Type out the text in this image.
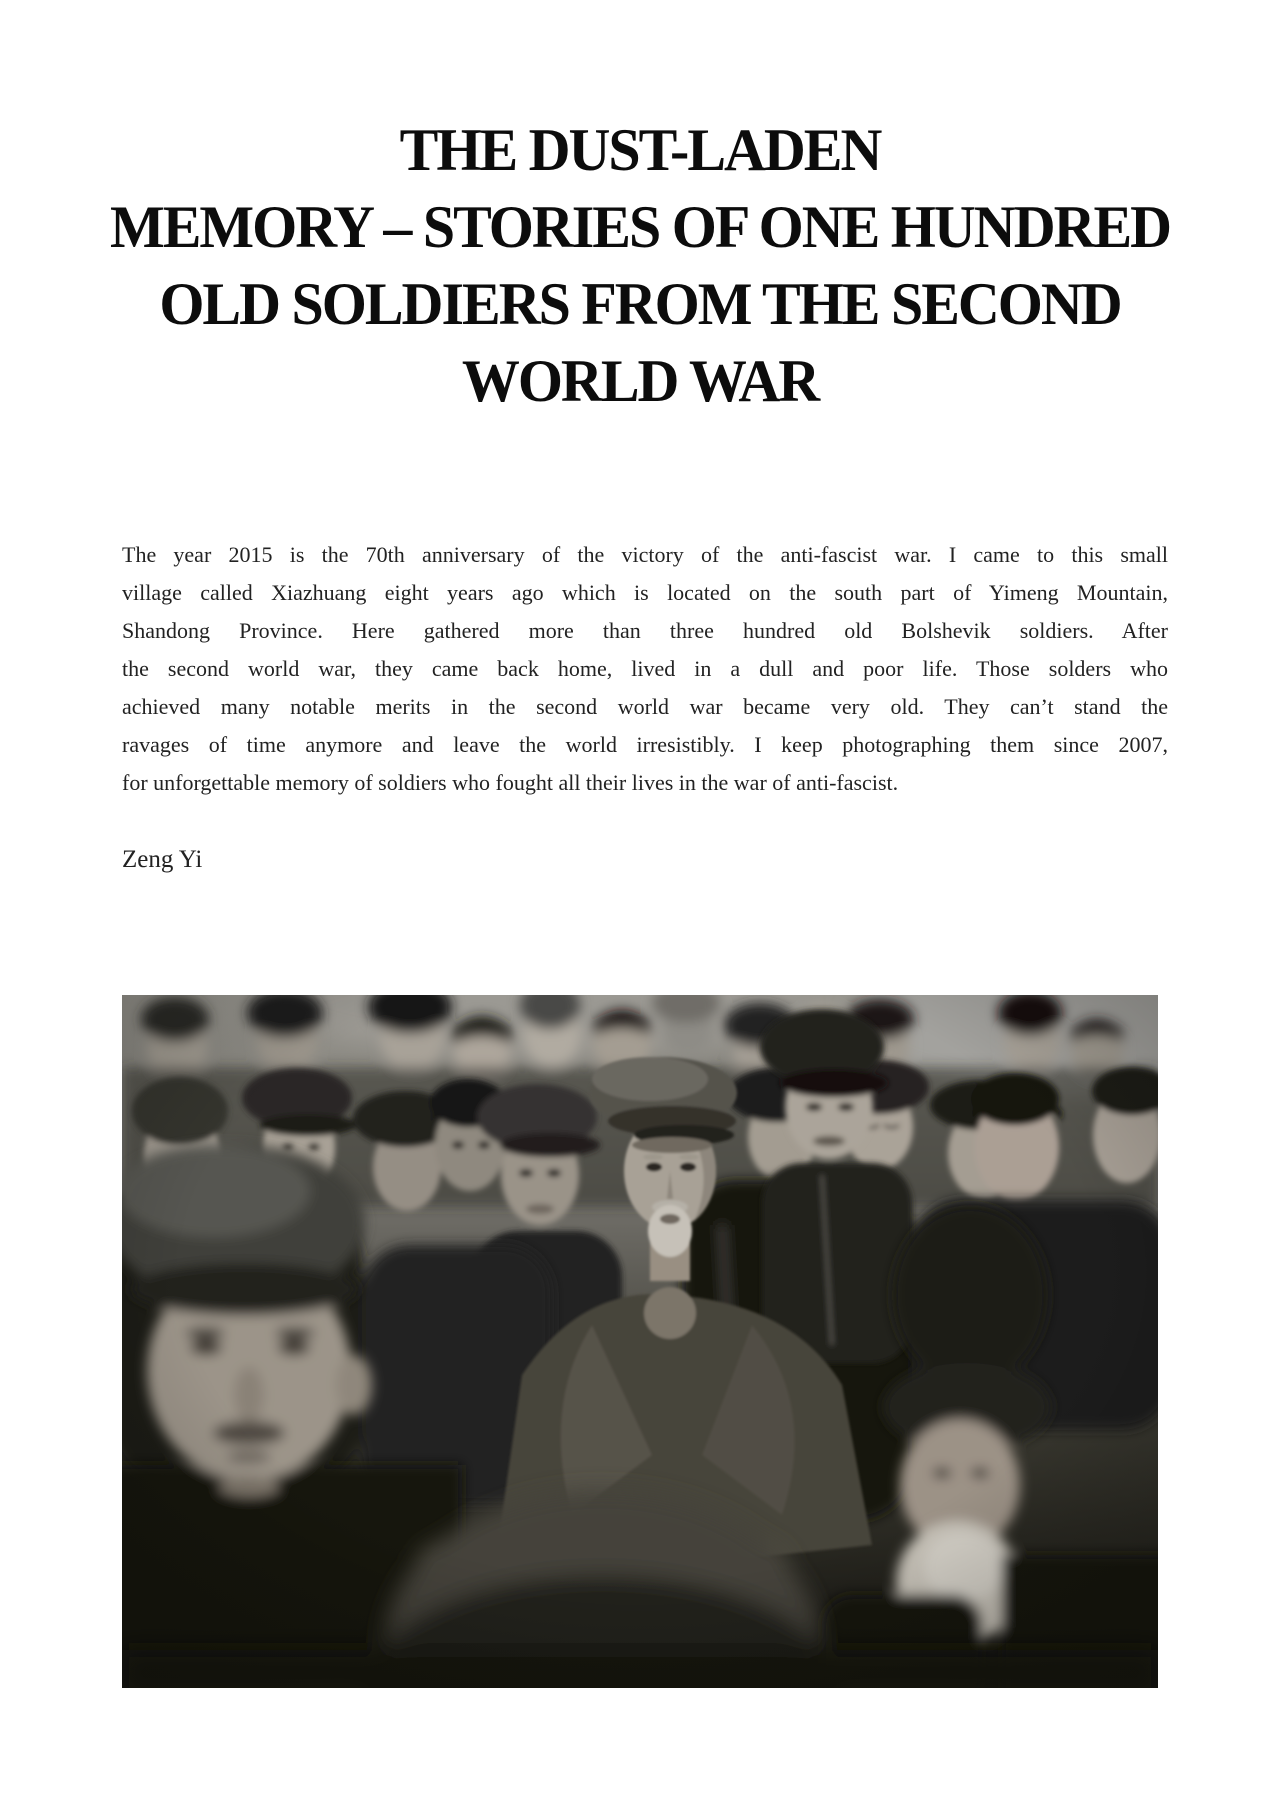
THE DUST-LADEN
MEMORY – STORIES OF ONE HUNDRED
OLD SOLDIERS FROM THE SECOND
WORLD WAR
The year 2015 is the 70th anniversary of the victory of the anti-fascist war. I came to this small
village called Xiazhuang eight years ago which is located on the south part of Yimeng Mountain,
Shandong Province. Here gathered more than three hundred old Bolshevik soldiers. After
the second world war, they came back home, lived in a dull and poor life. Those solders who
achieved many notable merits in the second world war became very old. They can’t stand the
ravages of time anymore and leave the world irresistibly. I keep photographing them since 2007,
for unforgettable memory of soldiers who fought all their lives in the war of anti-fascist.
Zeng Yi
